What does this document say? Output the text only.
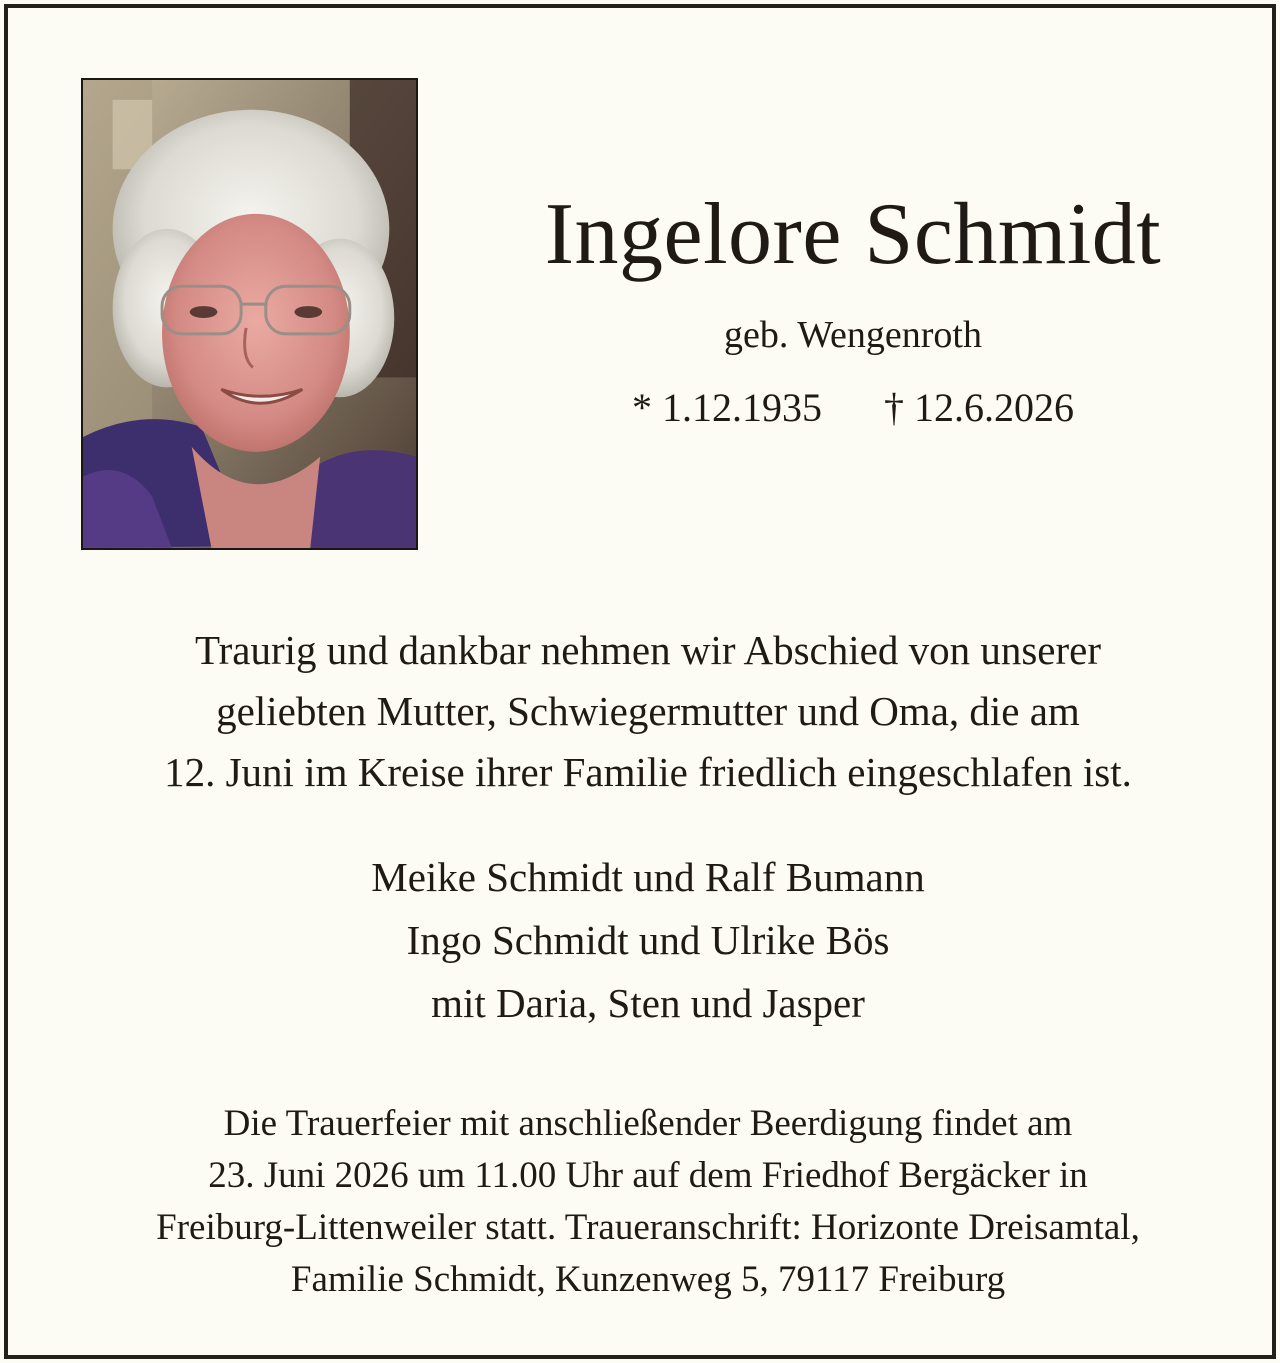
Ingelore Schmidt
geb. Wengenroth
* 1.12.1935 † 12.6.2026
Traurig und dankbar nehmen wir Abschied von unserer
geliebten Mutter, Schwiegermutter und Oma, die am
12. Juni im Kreise ihrer Familie friedlich eingeschlafen ist.
Meike Schmidt und Ralf Bumann
Ingo Schmidt und Ulrike Bös
mit Daria, Sten und Jasper
Die Trauerfeier mit anschließender Beerdigung findet am
23. Juni 2026 um 11.00 Uhr auf dem Friedhof Bergäcker in
Freiburg-Littenweiler statt. Traueranschrift: Horizonte Dreisamtal,
Familie Schmidt, Kunzenweg 5, 79117 Freiburg
